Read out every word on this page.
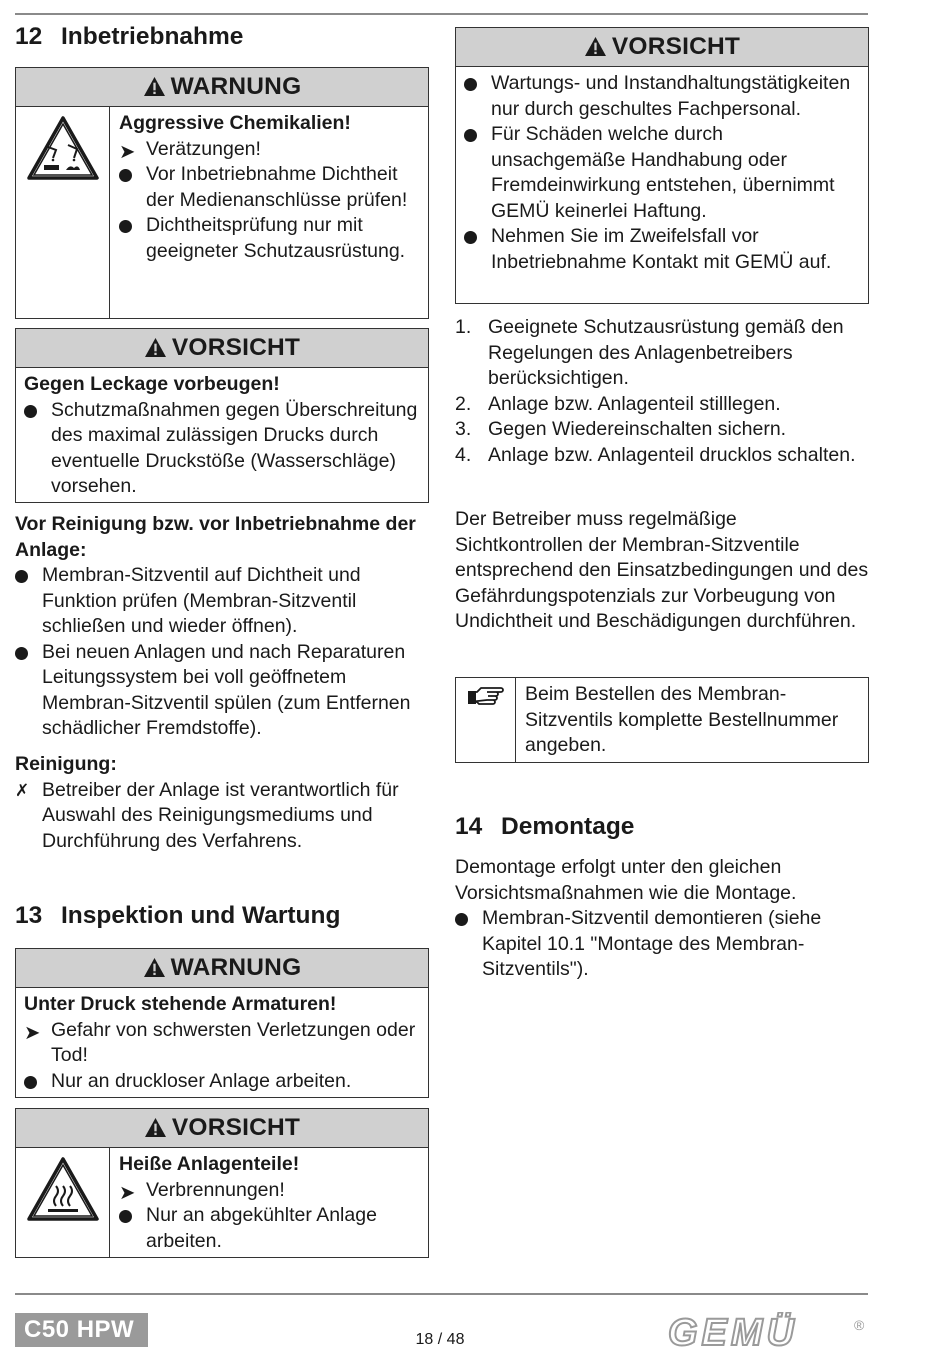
12 Inbetriebnahme
WARNUNG
Aggressive Chemikalien!
➤ Verätzungen!
Vor Inbetriebnahme Dichtheit der Medienanschlüsse prüfen!
Dichtheitsprüfung nur mit geeigneter Schutzausrüstung.
VORSICHT
Gegen Leckage vorbeugen!
Schutzmaßnahmen gegen Überschreitung des maximal zulässigen Drucks durch eventuelle Druckstöße (Wasserschläge) vorsehen.
Vor Reinigung bzw. vor Inbetriebnahme der Anlage:
Membran-Sitzventil auf Dichtheit und Funktion prüfen (Membran-Sitzventil schließen und wieder öffnen).
Bei neuen Anlagen und nach Reparaturen Leitungssystem bei voll geöffnetem Membran-Sitzventil spülen (zum Entfernen schädlicher Fremdstoffe).
Reinigung:
✗ Betreiber der Anlage ist verantwortlich für Auswahl des Reinigungsmediums und Durchführung des Verfahrens.
13 Inspektion und Wartung
WARNUNG
Unter Druck stehende Armaturen!
➤ Gefahr von schwersten Verletzungen oder Tod!
Nur an druckloser Anlage arbeiten.
VORSICHT
Heiße Anlagenteile!
➤ Verbrennungen!
Nur an abgekühlter Anlage arbeiten.
VORSICHT
Wartungs- und Instandhaltungstätigkeiten nur durch geschultes Fachpersonal.
Für Schäden welche durch unsachgemäße Handhabung oder Fremdeinwirkung entstehen, übernimmt GEMÜ keinerlei Haftung.
Nehmen Sie im Zweifelsfall vor Inbetriebnahme Kontakt mit GEMÜ auf.
1. Geeignete Schutzausrüstung gemäß den Regelungen des Anlagenbetreibers berücksichtigen.
2. Anlage bzw. Anlagenteil stilllegen.
3. Gegen Wiedereinschalten sichern.
4. Anlage bzw. Anlagenteil drucklos schalten.
Der Betreiber muss regelmäßige Sichtkontrollen der Membran-Sitzventile entsprechend den Einsatzbedingungen und des Gefährdungspotenzials zur Vorbeugung von Undichtheit und Beschädigungen durchführen.
Beim Bestellen des Membran-Sitzventils komplette Bestellnummer angeben.
14 Demontage
Demontage erfolgt unter den gleichen Vorsichtsmaßnahmen wie die Montage.
Membran-Sitzventil demontieren (siehe Kapitel 10.1 "Montage des Membran-Sitzventils").
C50 HPW	18 / 48	GEMÜ	®
